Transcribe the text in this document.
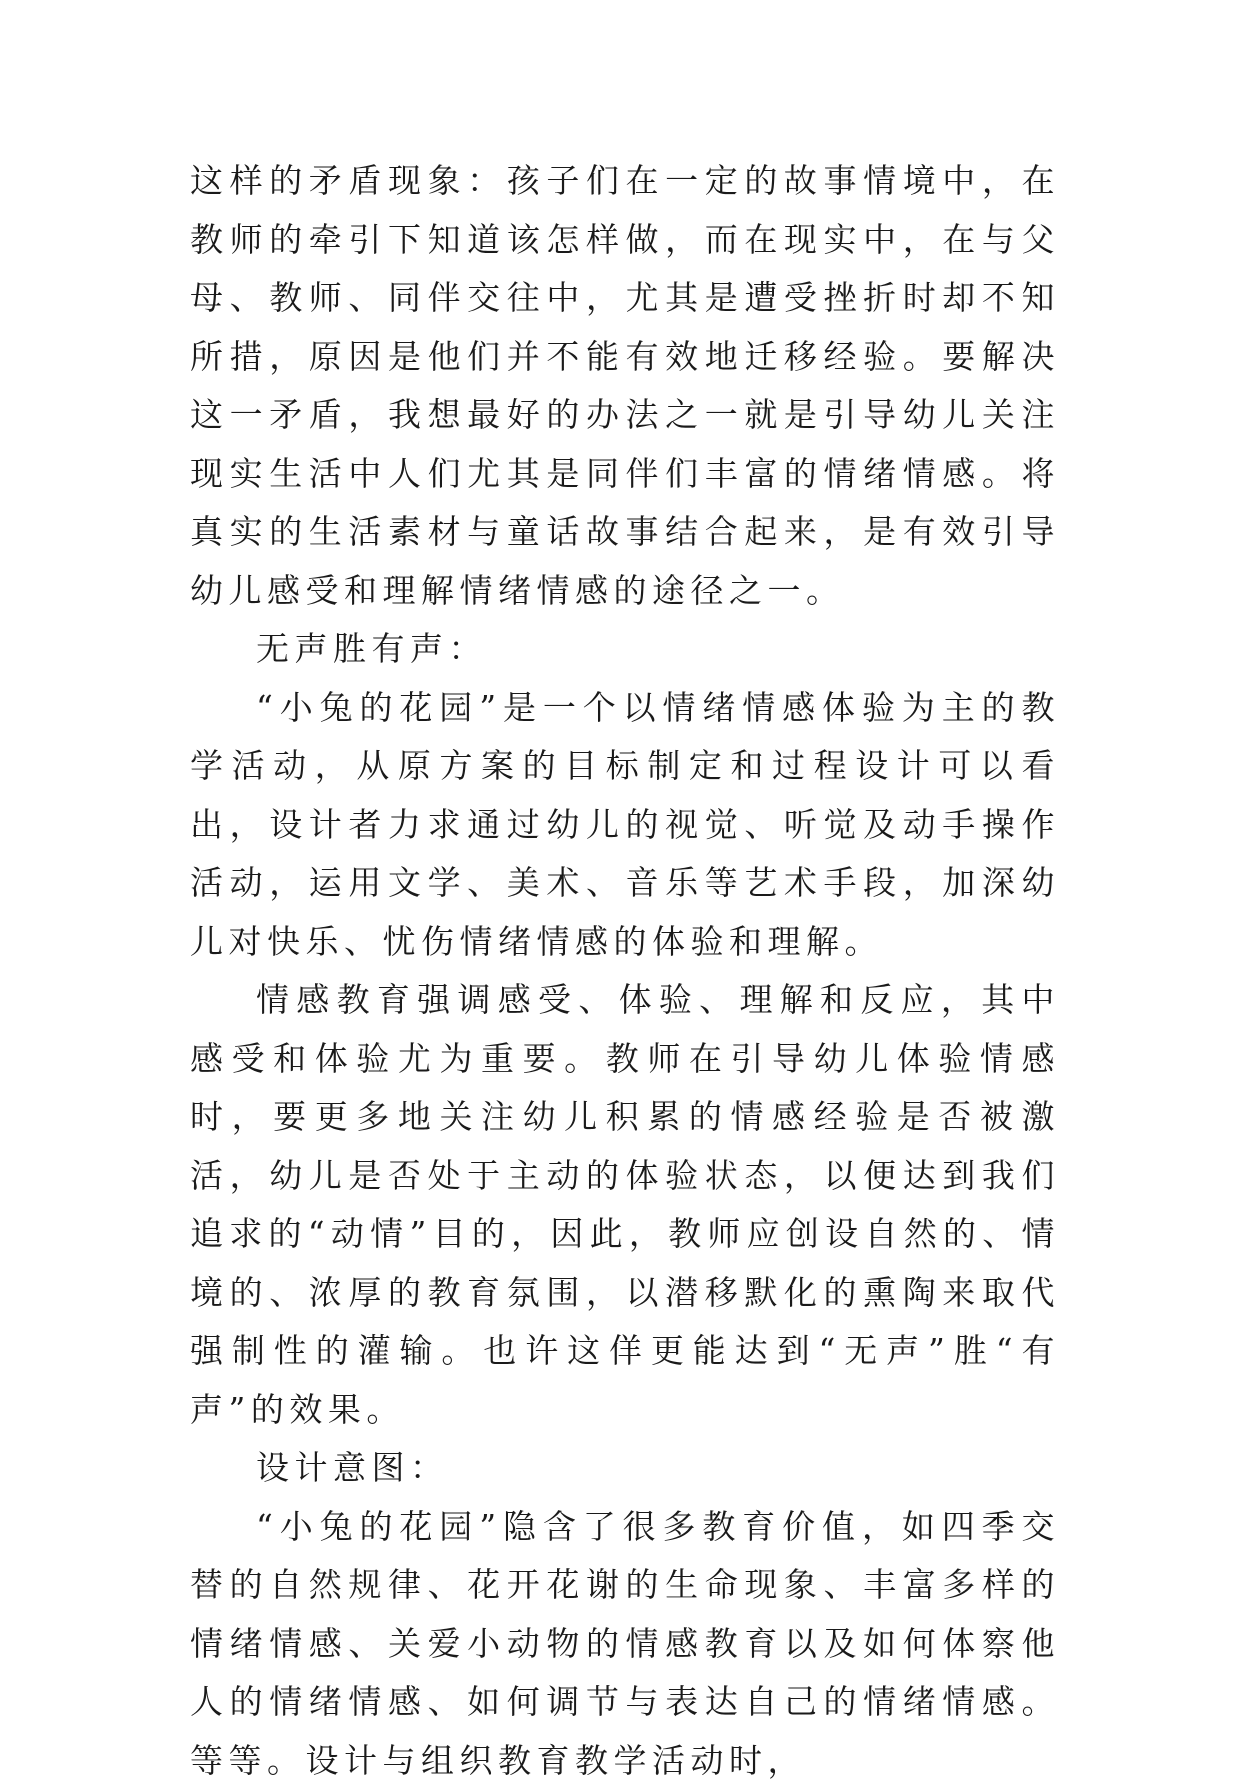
这样的矛盾现象：孩子们在一定的故事情境中，在教师的牵引下知道该怎样做，而在现实中，在与父母、教师、同伴交往中，尤其是遭受挫折时却不知所措，原因是他们并不能有效地迁移经验。要解决这一矛盾，我想最好的办法之一就是引导幼儿关注现实生活中人们尤其是同伴们丰富的情绪情感。将真实的生活素材与童话故事结合起来，是有效引导幼儿感受和理解情绪情感的途径之一。

无声胜有声：

“小兔的花园”是一个以情绪情感体验为主的教学活动，从原方案的目标制定和过程设计可以看出，设计者力求通过幼儿的视觉、听觉及动手操作活动，运用文学、美术、音乐等艺术手段，加深幼儿对快乐、忧伤情绪情感的体验和理解。

情感教育强调感受、体验、理解和反应，其中感受和体验尤为重要。教师在引导幼儿体验情感时，要更多地关注幼儿积累的情感经验是否被激活，幼儿是否处于主动的体验状态，以便达到我们追求的“动情”目的，因此，教师应创设自然的、情境的、浓厚的教育氛围，以潜移默化的熏陶来取代强制性的灌输。也许这佯更能达到“无声”胜“有声”的效果。

设计意图：

“小兔的花园”隐含了很多教育价值，如四季交替的自然规律、花开花谢的生命现象、丰富多样的情绪情感、关爱小动物的情感教育以及如何体察他人的情绪情感、如何调节与表达自己的情绪情感。等等。设计与组织教育教学活动时，
